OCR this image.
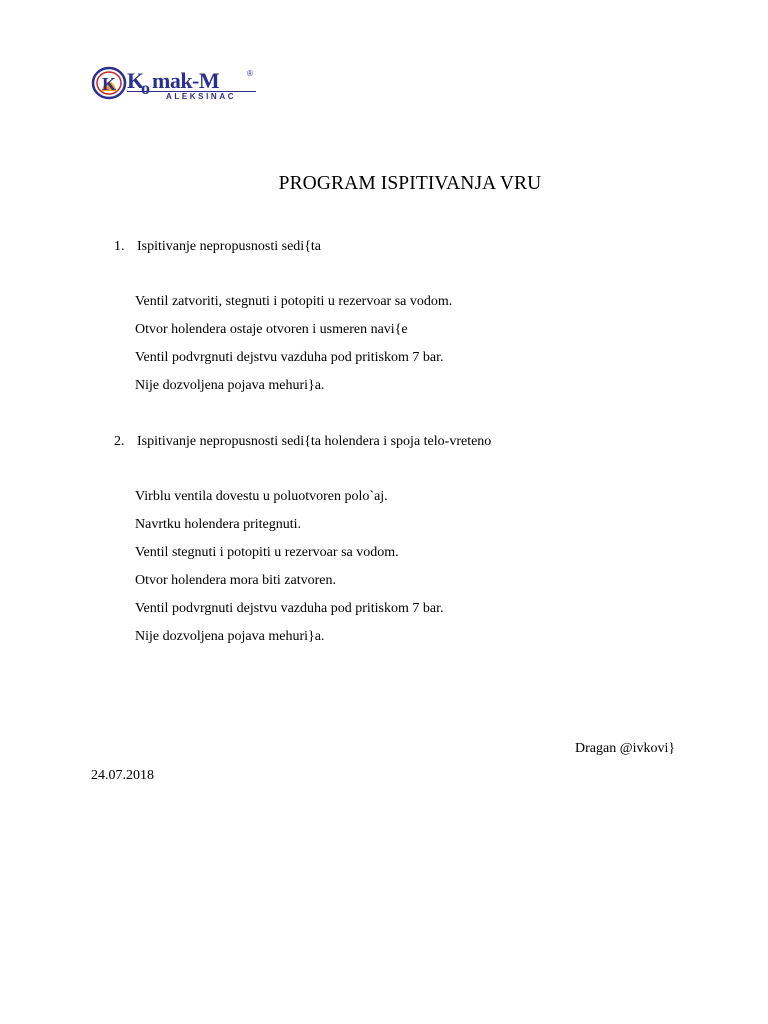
K K
o mak-M	®
ALEKSINAC
PROGRAM ISPITIVANJA VRU
1. Ispitivanje nepropusnosti sedi{ta
Ventil zatvoriti, stegnuti i potopiti u rezervoar sa vodom.
Otvor holendera ostaje otvoren i usmeren navi{e
Ventil podvrgnuti dejstvu vazduha pod pritiskom 7 bar.
Nije dozvoljena pojava mehuri}a.
2. Ispitivanje nepropusnosti sedi{ta holendera i spoja telo-vreteno
Virblu ventila dovestu u poluotvoren polo`aj.
Navrtku holendera pritegnuti.
Ventil stegnuti i potopiti u rezervoar sa vodom.
Otvor holendera mora biti zatvoren.
Ventil podvrgnuti dejstvu vazduha pod pritiskom 7 bar.
Nije dozvoljena pojava mehuri}a.
Dragan @ivkovi}
24.07.2018
